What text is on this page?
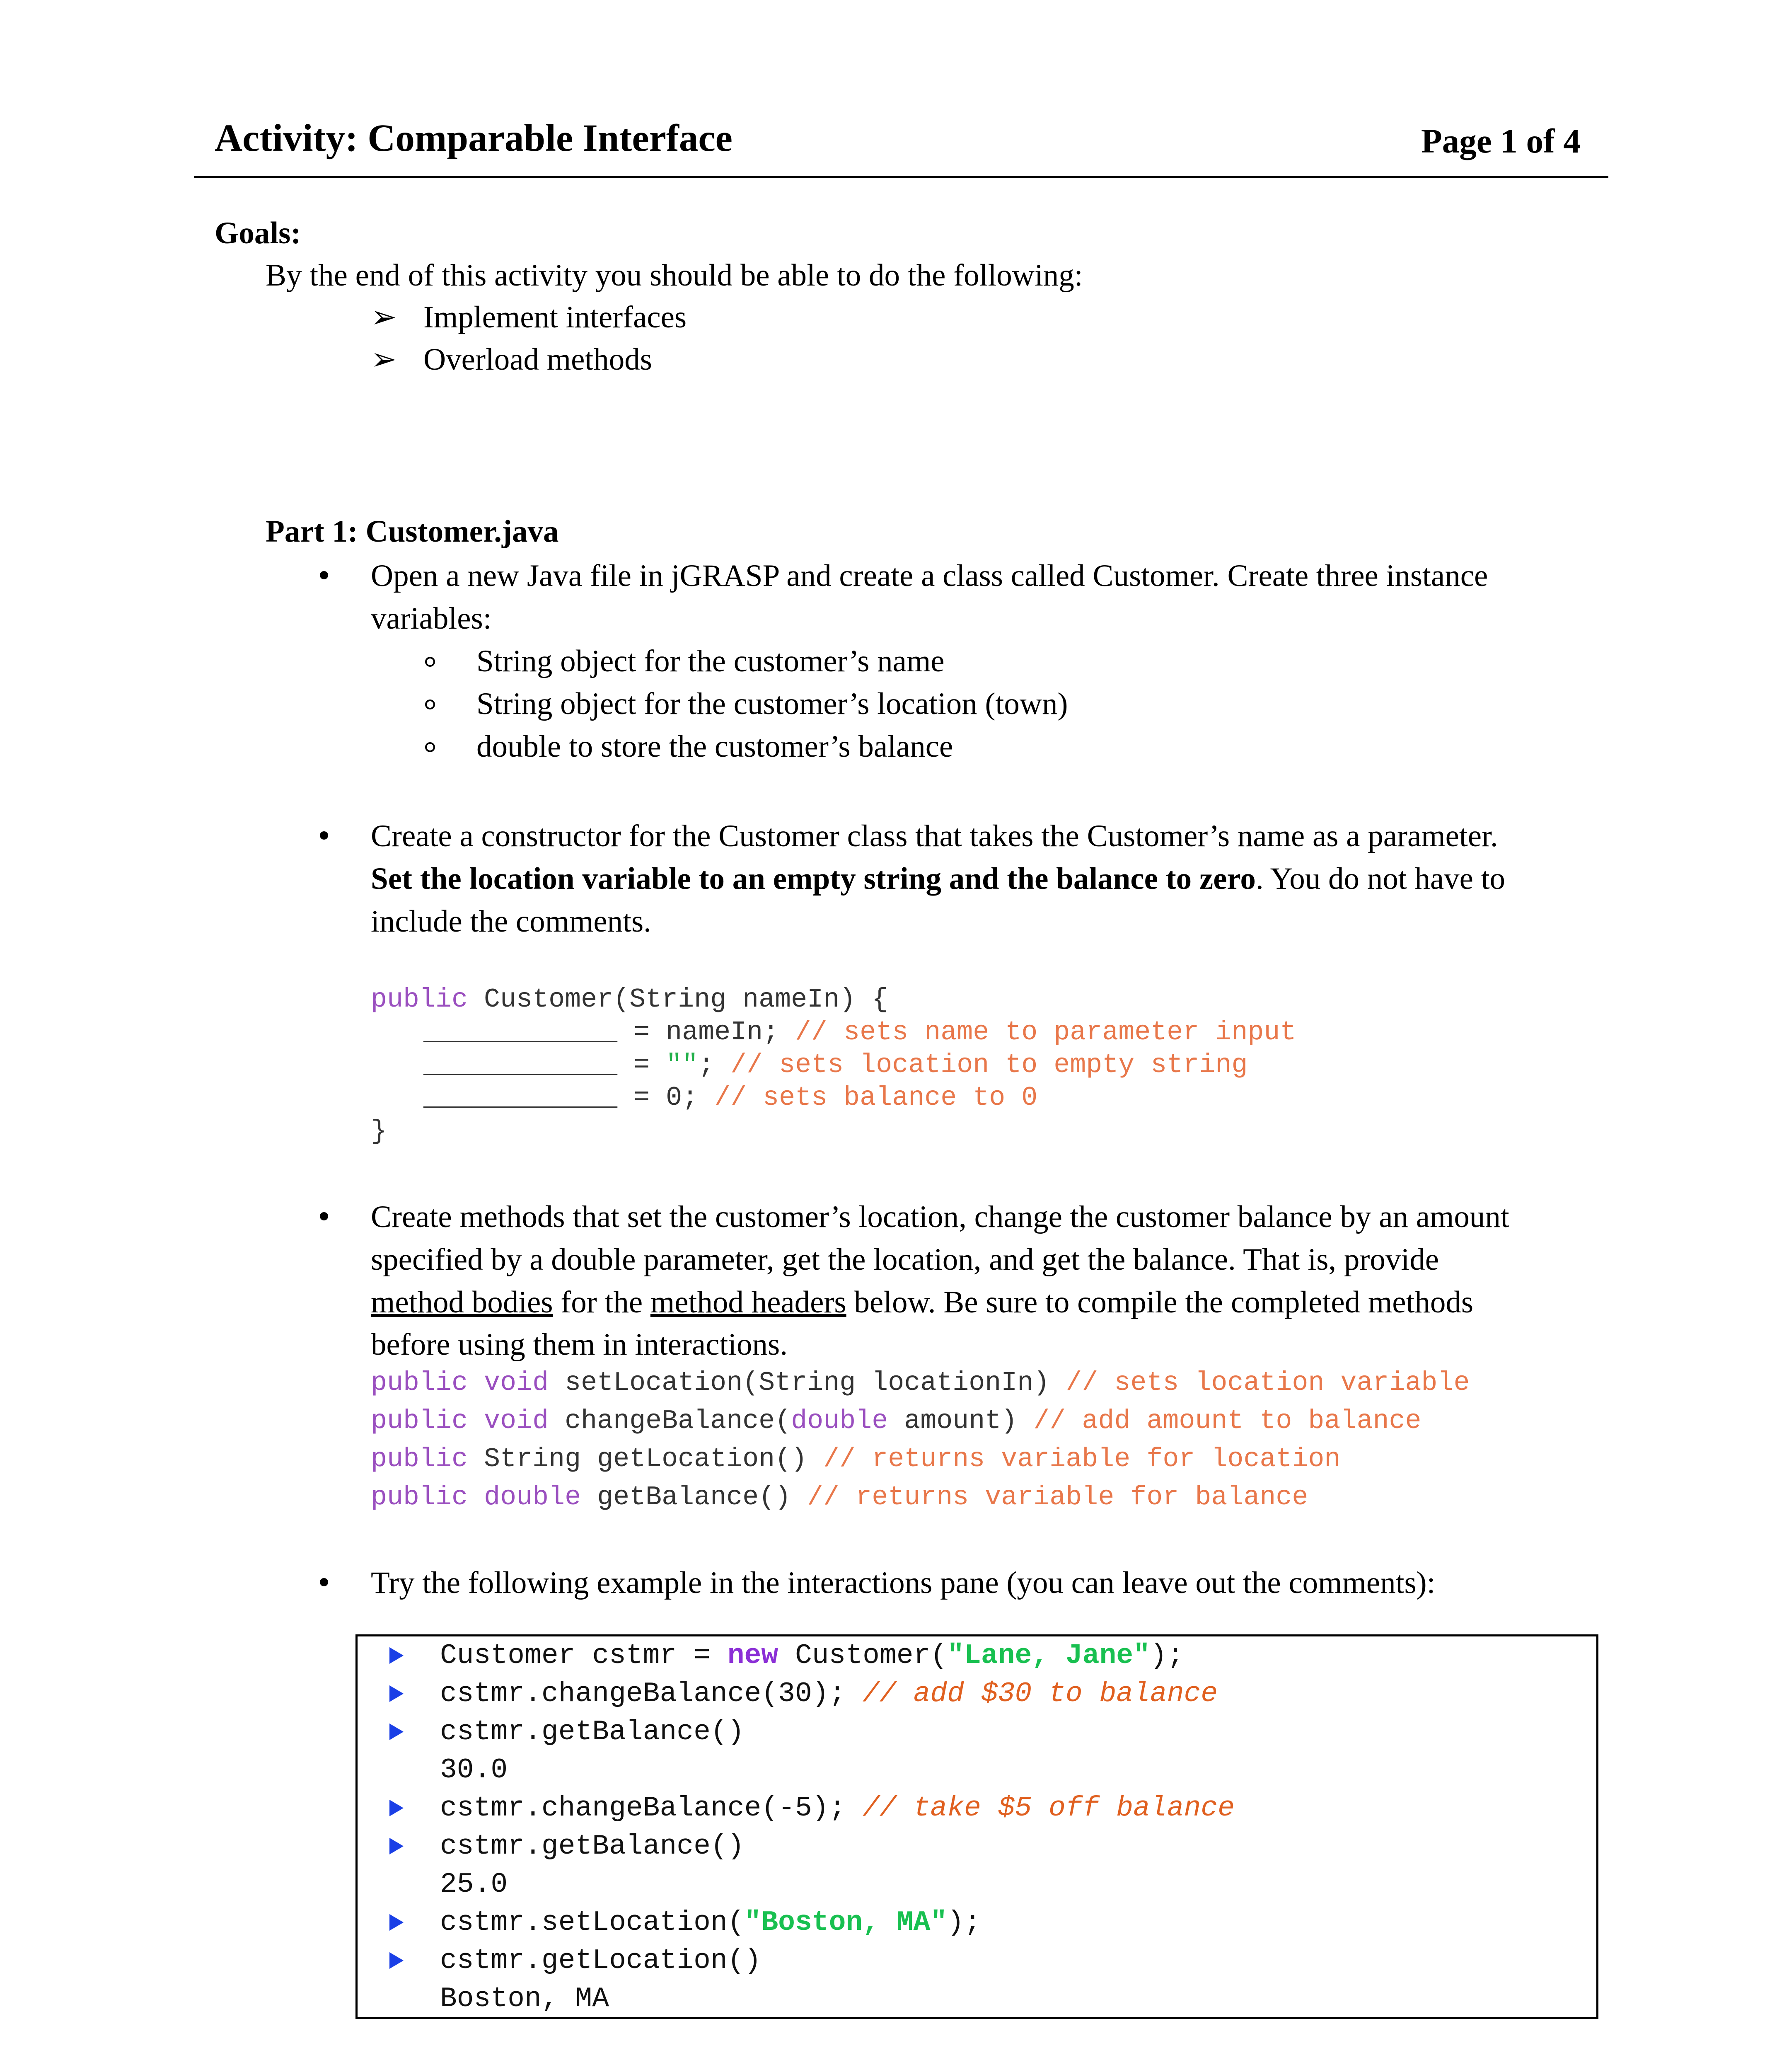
Activity: Comparable Interface	Page 1 of 4
Goals:
By the end of this activity you should be able to do the following:
➢ Implement interfaces
➢ Overload methods
Part 1: Customer.java
Open a new Java file in jGRASP and create a class called Customer. Create three instance
variables:
String object for the customer’s name
String object for the customer’s location (town)
double to store the customer’s balance
Create a constructor for the Customer class that takes the Customer’s name as a parameter.
Set the location variable to an empty string and the balance to zero. You do not have to
include the comments.
public Customer(String nameIn) {
____________ = nameIn; // sets name to parameter input
____________ = ""; // sets location to empty string
____________ = 0; // sets balance to 0
}
Create methods that set the customer’s location, change the customer balance by an amount
specified by a double parameter, get the location, and get the balance. That is, provide
method bodies for the method headers below. Be sure to compile the completed methods
before using them in interactions.
public void setLocation(String locationIn) // sets location variable
public void changeBalance(double amount) // add amount to balance
public String getLocation() // returns variable for location
public double getBalance() // returns variable for balance
Try the following example in the interactions pane (you can leave out the comments):
Customer cstmr = new Customer("Lane, Jane");
cstmr.changeBalance(30); // add $30 to balance
cstmr.getBalance()
30.0
cstmr.changeBalance(-5); // take $5 off balance
cstmr.getBalance()
25.0
cstmr.setLocation("Boston, MA");
cstmr.getLocation()
Boston, MA
